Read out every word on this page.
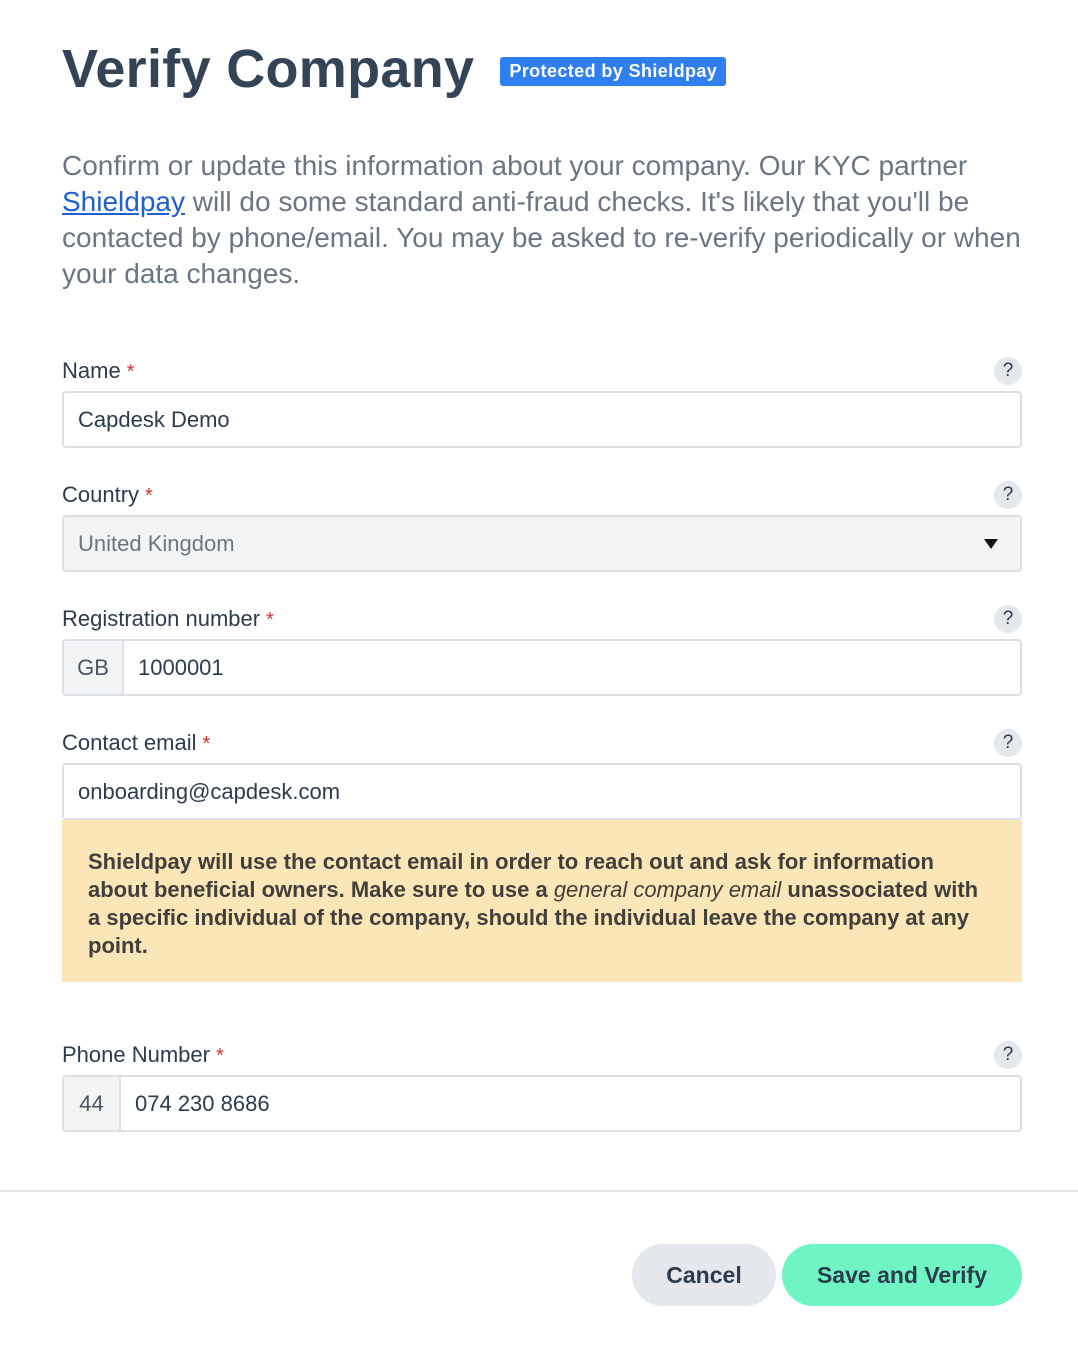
Verify Company	Protected by Shieldpay

Confirm or update this information about your company. Our KYC partner Shieldpay will do some standard anti-fraud checks. It's likely that you'll be contacted by phone/email. You may be asked to re-verify periodically or when your data changes.

Name *	?
Capdesk Demo
Country *	?
United Kingdom
Registration number *	?
GB	1000001
Contact email *	?
onboarding@capdesk.com
Shieldpay will use the contact email in order to reach out and ask for information about beneficial owners. Make sure to use a general company email unassociated with a specific individual of the company, should the individual leave the company at any point.
Phone Number *	?
44	074 230 8686
Cancel	Save and Verify
